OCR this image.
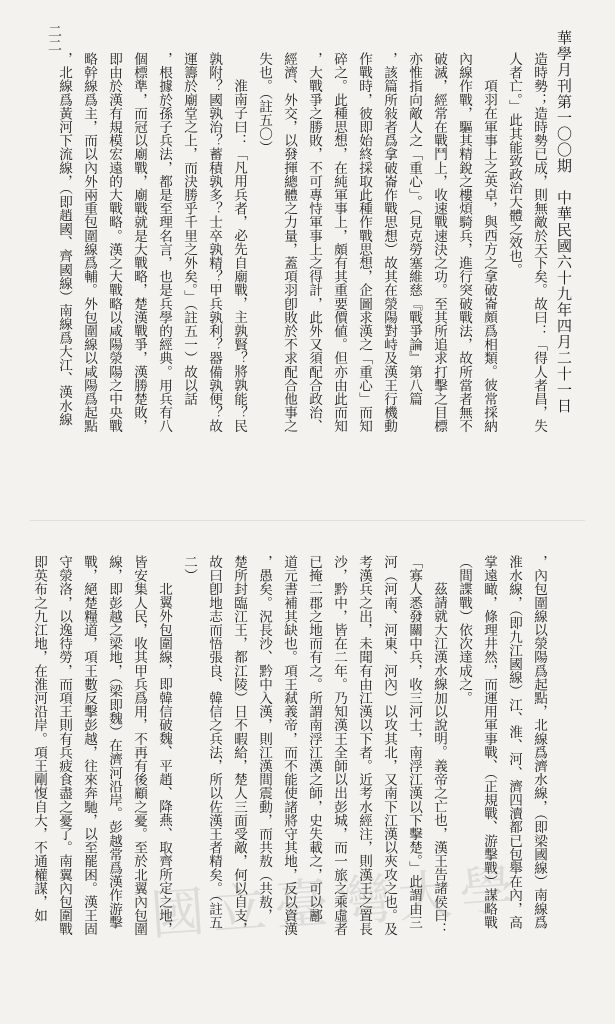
華學月刊第一〇〇期　中華民國六十九年四月二十一日
二二

造時勢；造時勢已成，則無敵於天下矣。故曰：「得人者昌，失

人者亡。」此其能致政治大體之效也。

項羽在軍事上之英卓，與西方之拿破崙頗爲相類。彼常採納

內線作戰，驅其精銳之樓煩騎兵，進行突破戰法，故所當者無不

破滅，經常在戰鬥上，收速戰速決之功。至其所追求打擊之目標

亦惟指向敵人之「重心」。（見克勞塞維慈『戰爭論』第八篇

，該篇所敍者爲拿破崙作戰思想）故其在滎陽對峙及漢王行機動

作戰時，彼即始終採取此種作戰思想，企圖求漢之「重心」而知

碎之。此種思想，在純軍事上，頗有其重要價値。但亦由此而知

，大戰爭之勝敗，不可專恃軍事上之得計，此外又須配合政治、

經濟、外交，以發揮總體之力量，蓋項羽卽敗於不求配合他事之

失也。（註五〇）

淮南子曰：「凡用兵者，必先自廟戰，主孰賢？將孰能？民

孰附？國孰治？蓄積孰多？士卒孰精？甲兵孰利？器備孰便？故

運籌於廟堂之上，而決勝乎千里之外矣。」（註五一）故以話

，根據於孫子兵法，都是至理名言，也是兵學的經典。用兵有八

個標準，而冠以廟戰，廟戰就是大戰略，楚漢戰爭，漢勝楚敗，

即由於漢有規模宏遠的大戰略。漢之大戰略以咸陽滎陽之中央戰

略幹線爲主，而以內外兩重包圍線爲輔。外包圍線以咸陽爲起點

，北線爲黃河下流線，（即趙國、齊國線）南線爲大江、漢水線

，內包圍線以滎陽爲起點，北線爲濟水線，（即梁國線）南線爲

淮水線，（即九江國線）江、淮、河、濟四瀆都已包舉在內，高

掌遠瞰，條理井然，而運用軍事戰、（正規戰、游擊戰）謀略戰

（間諜戰）依次達成之。

茲請就大江漢水線加以說明。義帝之亡也，漢王告諸侯曰：

「寡人悉發關中兵，收三河士，南浮江漢以下擊楚。」此謂由三

河（河南、河東、河內）以攻其北，又南下江漢以夾攻之也。及

考漢兵之出，未聞有由江漢以下者。近考水經注，則漢王之置長

沙，黔中，皆在二年。乃知漢王全師以出彭城，而一旅之乘虛者

已掩二郡之地而有之。所謂南浮江漢之師，史失載之，可以酈

道元書補其缺也。項王弒義帝，而不能使諸將守其地，反以資漢

，愚矣。況長沙、黔中入漢，則江漢間震動，而共敖（共敖，

楚所封臨江王，都江陵）日不暇給，楚人三面受敵，何以自支，

故曰卽地志而悟張良、韓信之兵法，所以佐漢王者精矣。（註五

二）

北翼外包圍線，即韓信破魏、平趙、降燕、取齊所定之地，

皆安集人民，收其甲兵爲用，不再有後顧之憂。至於北翼內包圍

線，即彭越之梁地，（梁即魏）在濟河沿岸。彭越常爲漢作游擊

戰，絕楚糧道，項王數反擊彭越，往來奔馳，以至罷困。漢王固

守滎洛，以逸待勞，而項王則有兵疲食盡之憂了。南翼內包圍戰

即英布之九江地，在淮河沿岸。項王剛愎自大，不通權謀，如 國立臺灣大學
